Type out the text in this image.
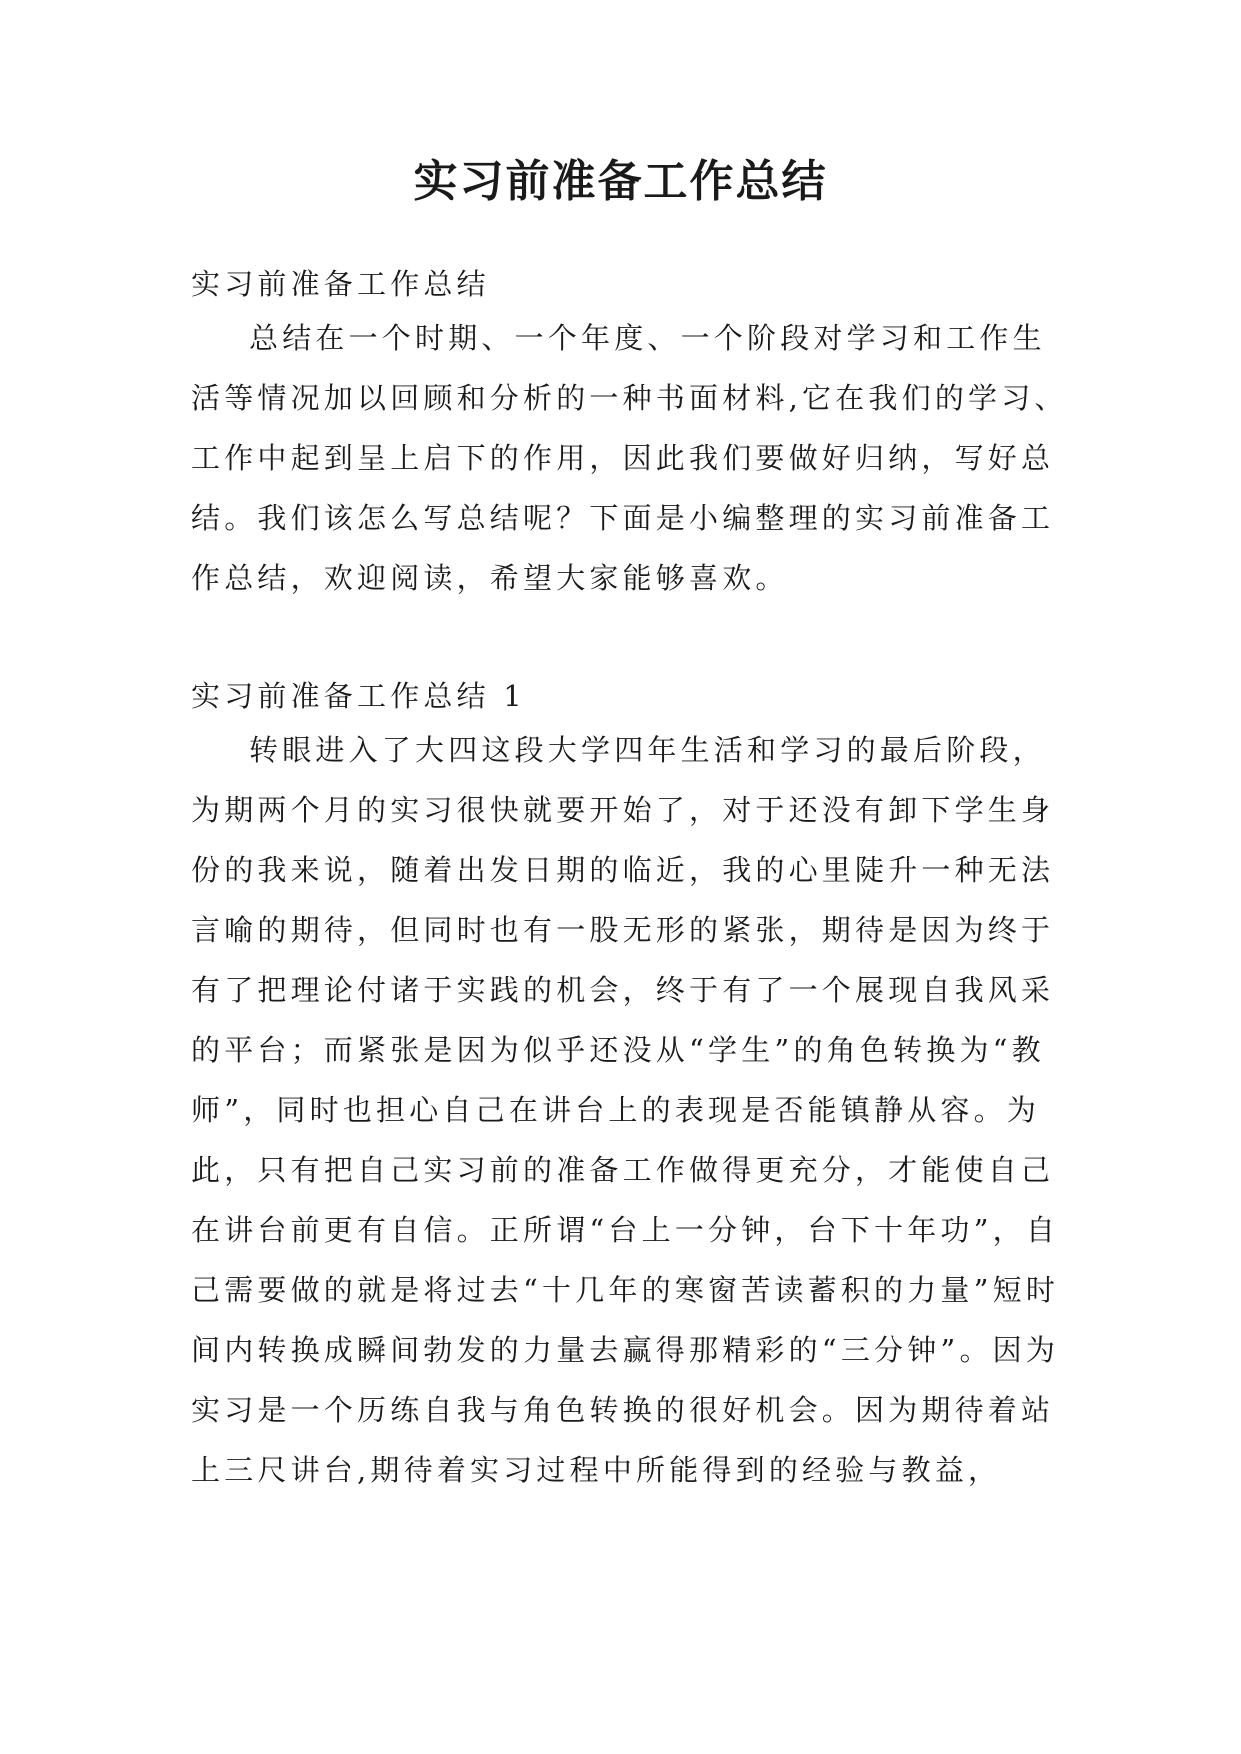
实习前准备工作总结
实习前准备工作总结

总结在一个时期、一个年度、一个阶段对学习和工作生活等情况加以回顾和分析的一种书面材料,它在我们的学习、工作中起到呈上启下的作用，因此我们要做好归纳，写好总结。我们该怎么写总结呢？下面是小编整理的实习前准备工作总结，欢迎阅读，希望大家能够喜欢。

实习前准备工作总结 1

转眼进入了大四这段大学四年生活和学习的最后阶段，为期两个月的实习很快就要开始了，对于还没有卸下学生身份的我来说，随着出发日期的临近，我的心里陡升一种无法言喻的期待，但同时也有一股无形的紧张，期待是因为终于有了把理论付诸于实践的机会，终于有了一个展现自我风采的平台；而紧张是因为似乎还没从“学生”的角色转换为“教师”，同时也担心自己在讲台上的表现是否能镇静从容。为此，只有把自己实习前的准备工作做得更充分，才能使自己在讲台前更有自信。正所谓“台上一分钟，台下十年功”，自己需要做的就是将过去“十几年的寒窗苦读蓄积的力量”短时间内转换成瞬间勃发的力量去赢得那精彩的“三分钟”。因为实习是一个历练自我与角色转换的很好机会。因为期待着站上三尺讲台,期待着实习过程中所能得到的经验与教益，
